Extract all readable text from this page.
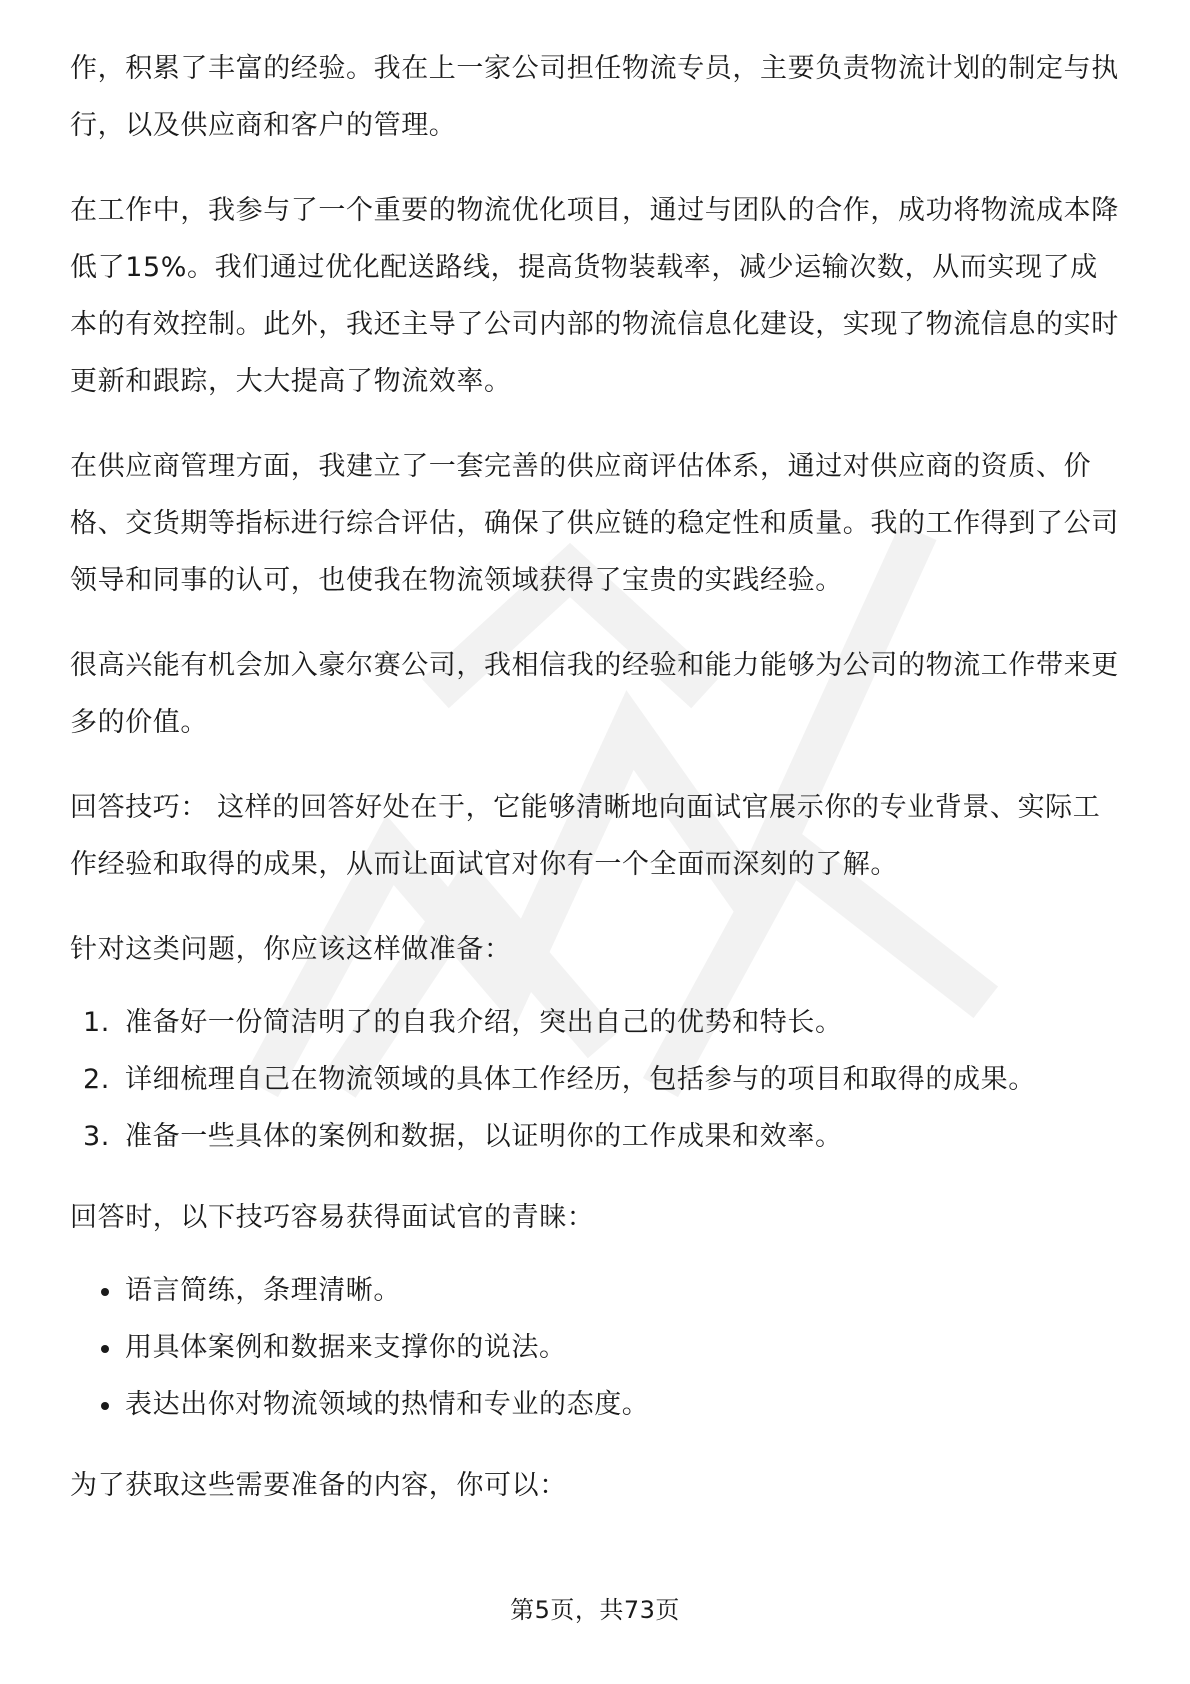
作，积累了丰富的经验。我在上一家公司担任物流专员，主要负责物流计划的制定与执行，以及供应商和客户的管理。

在工作中，我参与了一个重要的物流优化项目，通过与团队的合作，成功将物流成本降低了15%。我们通过优化配送路线，提高货物装载率，减少运输次数，从而实现了成本的有效控制。此外，我还主导了公司内部的物流信息化建设，实现了物流信息的实时更新和跟踪，大大提高了物流效率。

在供应商管理方面，我建立了一套完善的供应商评估体系，通过对供应商的资质、价格、交货期等指标进行综合评估，确保了供应链的稳定性和质量。我的工作得到了公司领导和同事的认可，也使我在物流领域获得了宝贵的实践经验。

很高兴能有机会加入豪尔赛公司，我相信我的经验和能力能够为公司的物流工作带来更多的价值。

回答技巧： 这样的回答好处在于，它能够清晰地向面试官展示你的专业背景、实际工作经验和取得的成果，从而让面试官对你有一个全面而深刻的了解。

针对这类问题，你应该这样做准备：

1. 准备好一份简洁明了的自我介绍，突出自己的优势和特长。
2. 详细梳理自己在物流领域的具体工作经历，包括参与的项目和取得的成果。
3. 准备一些具体的案例和数据，以证明你的工作成果和效率。

回答时，以下技巧容易获得面试官的青睐：

语言简练，条理清晰。
用具体案例和数据来支撑你的说法。
表达出你对物流领域的热情和专业的态度。

为了获取这些需要准备的内容，你可以：

第5页，共73页
